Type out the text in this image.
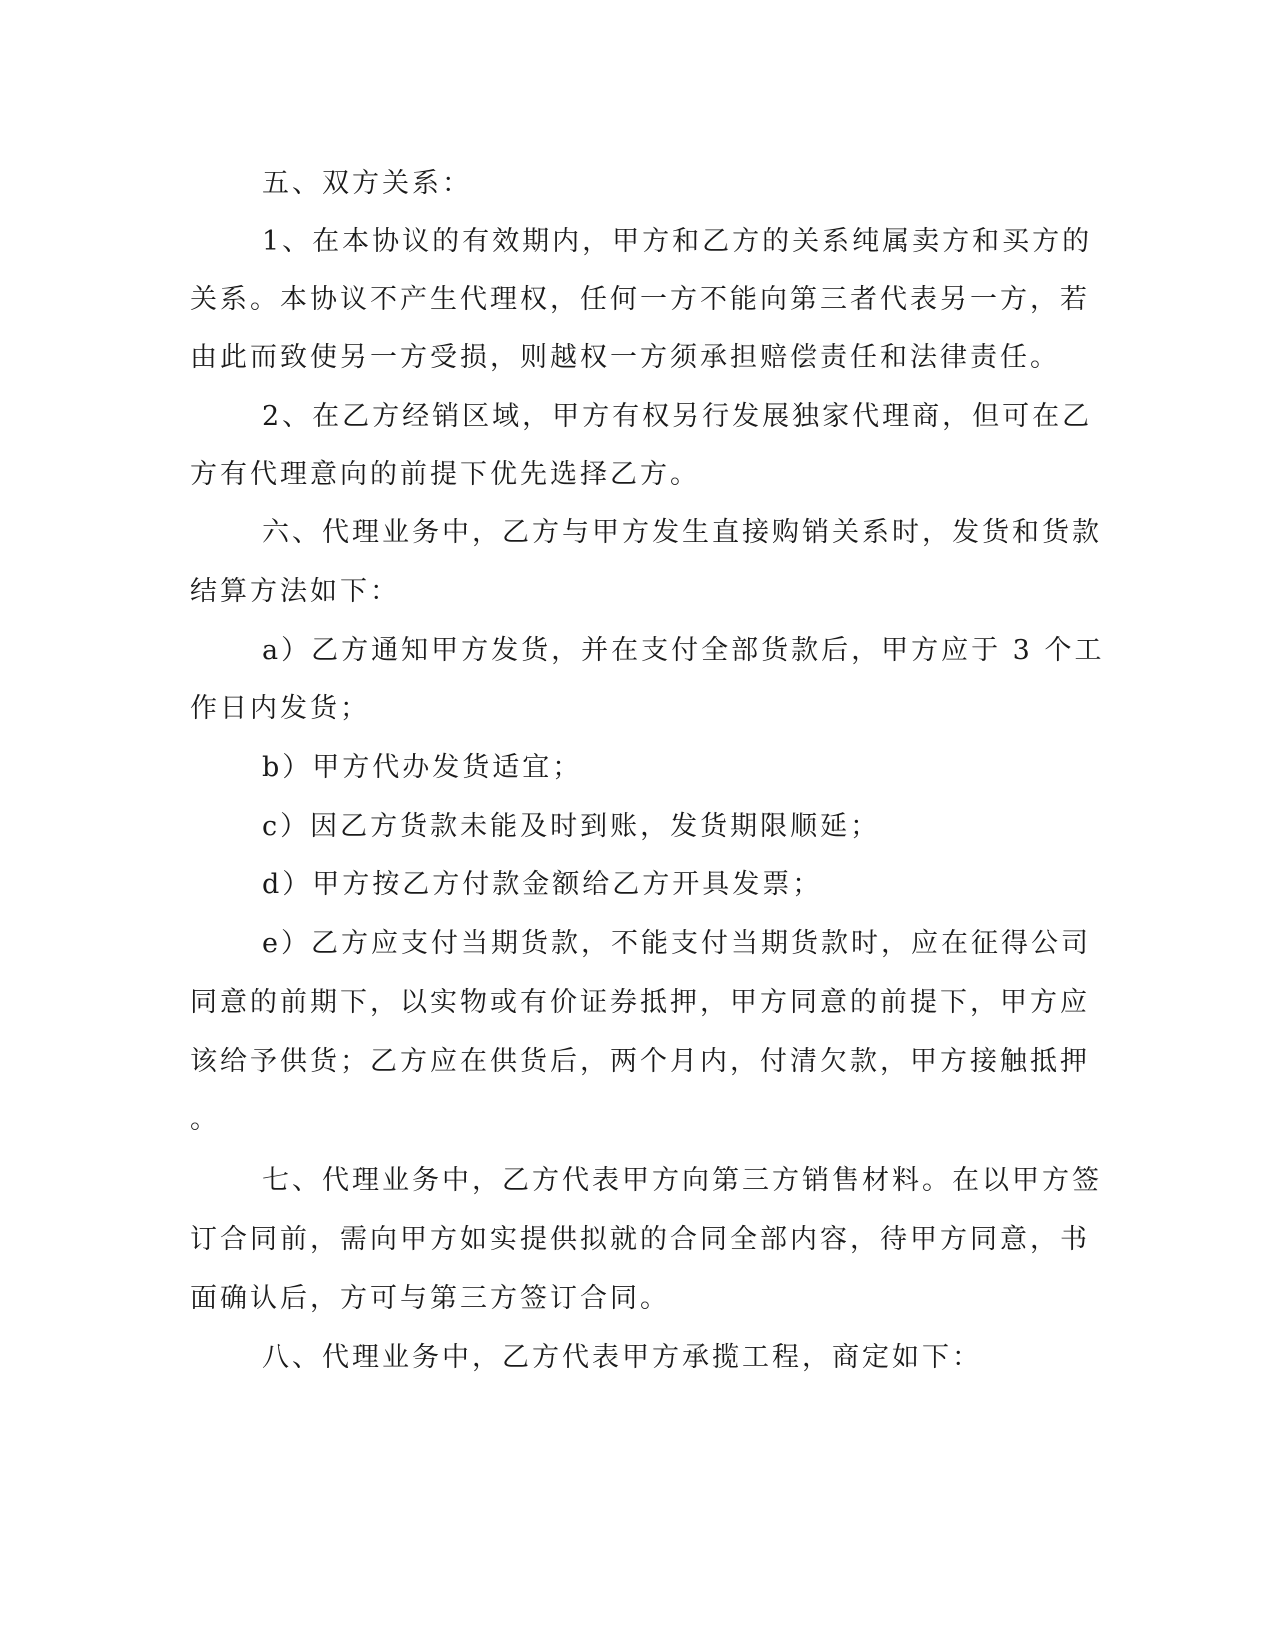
五、双方关系：
1、在本协议的有效期内，甲方和乙方的关系纯属卖方和买方的
关系。本协议不产生代理权，任何一方不能向第三者代表另一方，若
由此而致使另一方受损，则越权一方须承担赔偿责任和法律责任。
2、在乙方经销区域，甲方有权另行发展独家代理商，但可在乙
方有代理意向的前提下优先选择乙方。
六、代理业务中，乙方与甲方发生直接购销关系时，发货和货款
结算方法如下：
a）乙方通知甲方发货，并在支付全部货款后，甲方应于 3 个工
作日内发货；
b）甲方代办发货适宜；
c）因乙方货款未能及时到账，发货期限顺延；
d）甲方按乙方付款金额给乙方开具发票；
e）乙方应支付当期货款，不能支付当期货款时，应在征得公司
同意的前期下，以实物或有价证券抵押，甲方同意的前提下，甲方应
该给予供货；乙方应在供货后，两个月内，付清欠款，甲方接触抵押
。
七、代理业务中，乙方代表甲方向第三方销售材料。在以甲方签
订合同前，需向甲方如实提供拟就的合同全部内容，待甲方同意，书
面确认后，方可与第三方签订合同。
八、代理业务中，乙方代表甲方承揽工程，商定如下：
